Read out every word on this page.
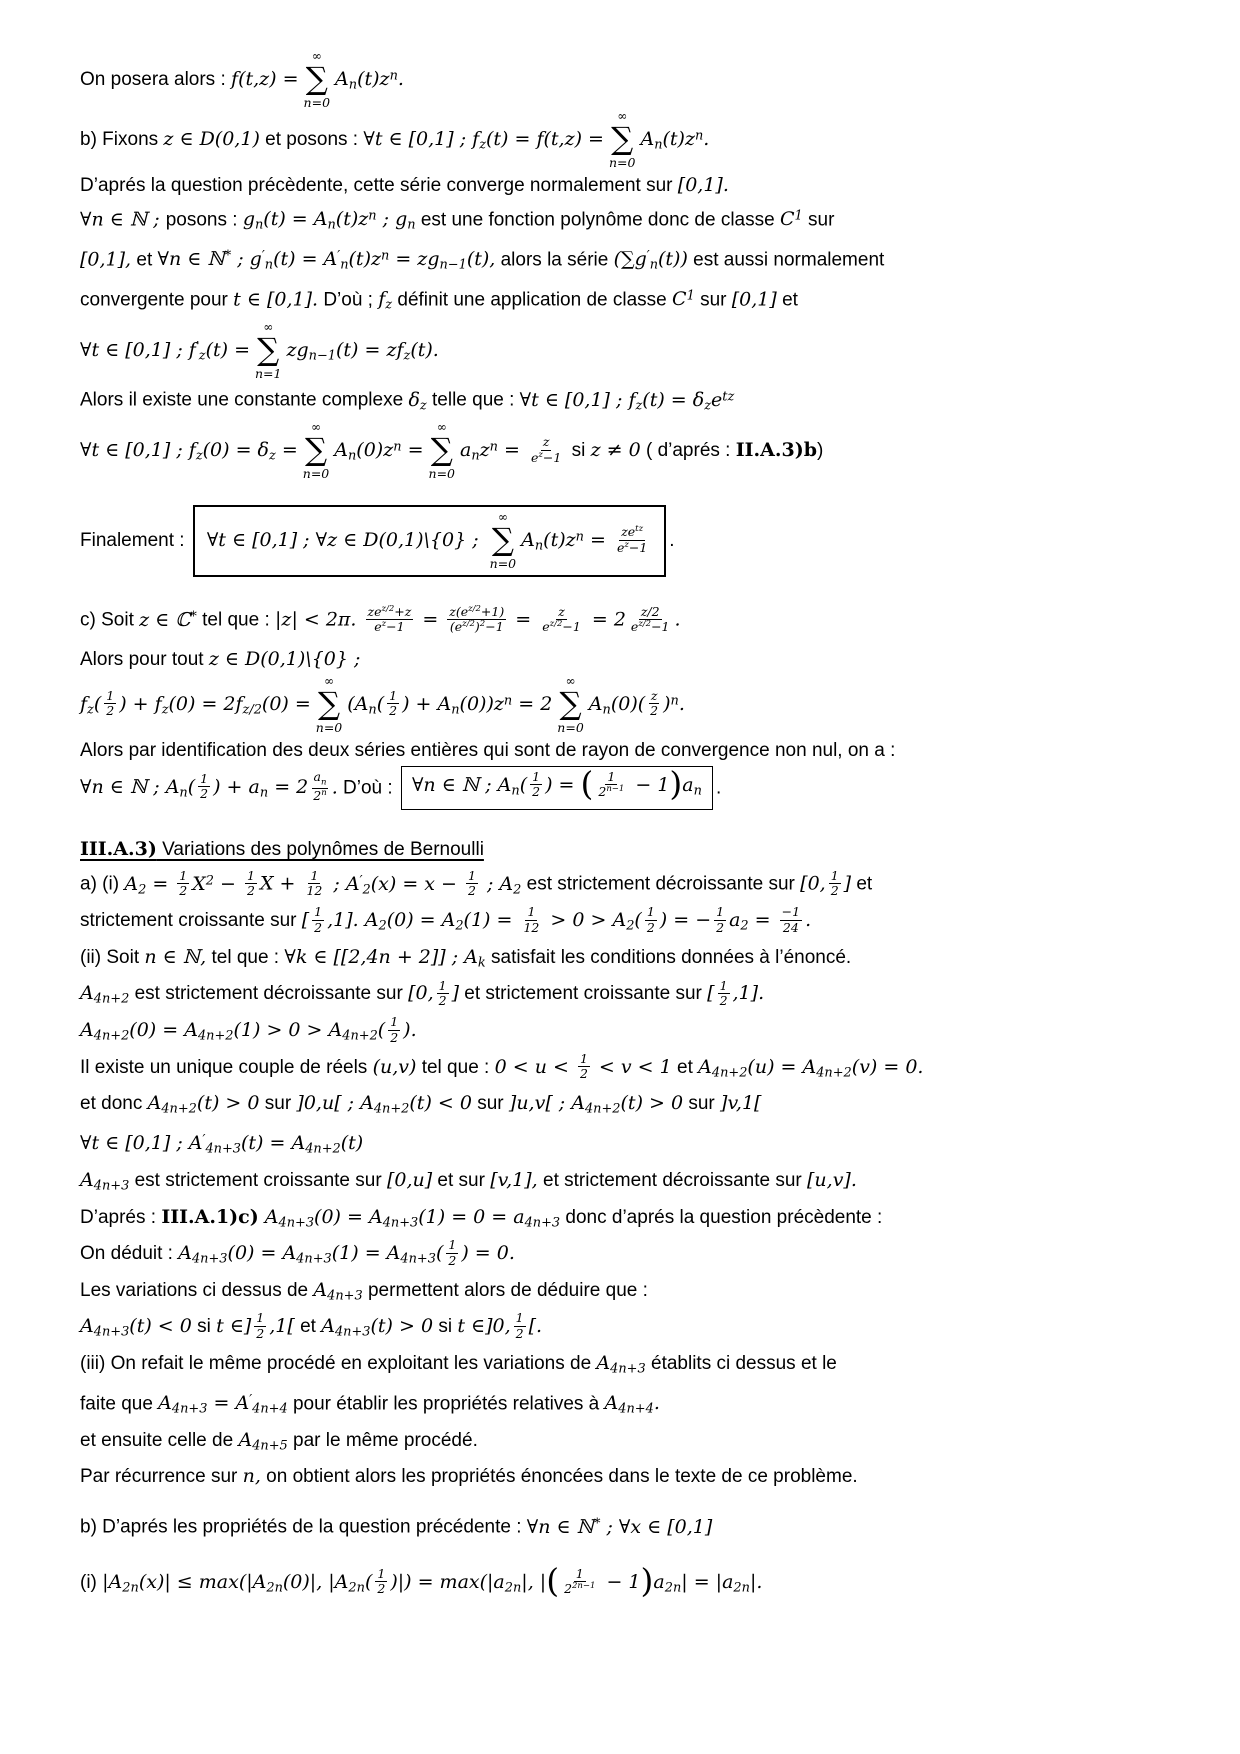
On posera alors : f(t,z) =
∞
∑
n=0
$A_n(t)z^n$.
b) Fixons z ∈ D(0,1) et posons : ∀t ∈ [0,1] ; $f_z(t) = f(t,z)$ =
∞
∑
n=0
$A_n(t)z^n$.
D’aprés la question précèdente, cette série converge normalement sur [0,1].
∀n ∈ ℕ ; posons : $g_n(t) = A_n(t)z^n$ ; $g_n$ est une fonction polynôme donc de classe $C^1$ sur
[0,1], et ∀n ∈ ℕ* ; $g'_n(t) = A'_n(t)z^n = zg_{n-1}(t)$, alors la série $(\sum g'_n(t))$ est aussi normalement
convergente pour t ∈ [0,1]. D’où ; $f_z$ définit une application de classe $C^1$ sur [0,1] et
∀t ∈ [0,1] ; $f'_z(t)$ =
∞
∑
n=1
$zg_{n-1}(t) = zf_z(t)$.
Alors il existe une constante complexe $\delta_z$ telle que : ∀t ∈ [0,1] ; $f_z(t) = \delta_ze^{tz}$
∀t ∈ [0,1] ; $f_z(0) = \delta_z$ =
∞
∑
n=0
$A_n(0)z^n$ =
∞
∑
n=0
$a_nz^n = \frac{z}{e^z-1}$ si z ≠ 0 ( d’aprés : II.A.3)b)
Finalement : ∀t ∈ [0,1] ; ∀z ∈ D(0,1)\{0} ;
∞
∑
n=0
$A_n(t)z^n = \frac{ze^{tz}}{e^z-1}$ .
c) Soit z ∈ ℂ* tel que : |z| < 2π. $\frac{ze^{z/2}+z}{e^z-1} = \frac{z(e^{z/2}+1)}{(e^{z/2})^2-1} = \frac{z}{e^{z/2}-1} = 2 \frac{z/2}{e^{z/2}-1}$ .
Alors pour tout z ∈ D(0,1)\{0} ;
$f_z( \frac{1}{2}$ ) + $f_z(0) = 2f_{z/2}(0)$ =
∞
∑
n=0
($A_n( \frac{1}{2}$ ) + $A_n(0))z^n = 2$
∞
∑
n=0
$A_n(0)( \frac{z}{2} )^n$.
Alors par identification des deux séries entières qui sont de rayon de convergence non nul, on a :
∀n ∈ ℕ ; $A_n( \frac{1}{2}$ ) + $a_n = 2 \frac{a_n}{2^n}$ . D’où : ∀n ∈ ℕ ; $A_n( \frac{1}{2}$ ) = ( $\frac{1}{2^{n-1}} - 1)a_n$ .
III.A.3) Variations des polynômes de Bernoulli
a) (i) $A_2 = \frac{1}{2} X^2 - \frac{1}{2}$ $X + \frac{1}{12}$ ; $A'_2(x) = x - \frac{1}{2}$ ; $A_2$ est strictement décroissante sur [0, $\frac{1}{2}$ ] et
strictement croissante sur [ $\frac{1}{2} ,1$]. $A_2(0) = A_2(1) = \frac{1}{12} > 0 > A_2( \frac{1}{2}$ ) = − $\frac{1}{2} a_2 = \frac{-1}{24}$ .
(ii) Soit n ∈ ℕ, tel que : ∀k ∈ [[2,4n + 2]] ; $A_k$ satisfait les conditions données à l’énoncé.
$A_{4n+2}$ est strictement décroissante sur [0, $\frac{1}{2}$ ] et strictement croissante sur [ $\frac{1}{2} ,1$].
$A_{4n+2}(0) = A_{4n+2}(1) > 0 > A_{4n+2}( \frac{1}{2}$ ).
Il existe un unique couple de réels (u,v) tel que : $0 < u < \frac{1}{2} < v < 1$ et $A_{4n+2}(u) = A_{4n+2}(v) = 0$.
et donc $A_{4n+2}(t) > 0$ sur ]0,u[ ; $A_{4n+2}(t) < 0$ sur ]u,v[ ; $A_{4n+2}(t) > 0$ sur ]v,1[
∀t ∈ [0,1] ; $A'_{4n+3}(t) = A_{4n+2}(t)$
$A_{4n+3}$ est strictement croissante sur [0,u] et sur [v,1], et strictement décroissante sur [u,v].
D’aprés : III.A.1)c) $A_{4n+3}(0) = A_{4n+3}(1) = 0 = a_{4n+3}$ donc d’aprés la question précèdente :
On déduit : $A_{4n+3}(0) = A_{4n+3}(1) = A_{4n+3}( \frac{1}{2}$ ) = 0.
Les variations ci dessus de $A_{4n+3}$ permettent alors de déduire que :
$A_{4n+3}(t) < 0$ si t ∈] $\frac{1}{2} ,1$[ et $A_{4n+3}(t) > 0$ si t ∈]0, $\frac{1}{2}$ [.
(iii) On refait le même procédé en exploitant les variations de $A_{4n+3}$ établits ci dessus et le
faite que $A_{4n+3} = A'_{4n+4}$ pour établir les propriétés relatives à $A_{4n+4}$.
et ensuite celle de $A_{4n+5}$ par le même procédé.
Par récurrence sur n, on obtient alors les propriétés énoncées dans le texte de ce problème.
b) D’aprés les propriétés de la question précédente : ∀n ∈ ℕ* ; ∀x ∈ [0,1]
(i) $|A_{2n}(x)| \le \max(|A_{2n}(0)|$, $|A_{2n}( \frac{1}{2}$ )|) = $\max(|a_{2n}|$, |( $\frac{1}{2^{2n-1}} - 1)a_{2n}| = |a_{2n}|$.
